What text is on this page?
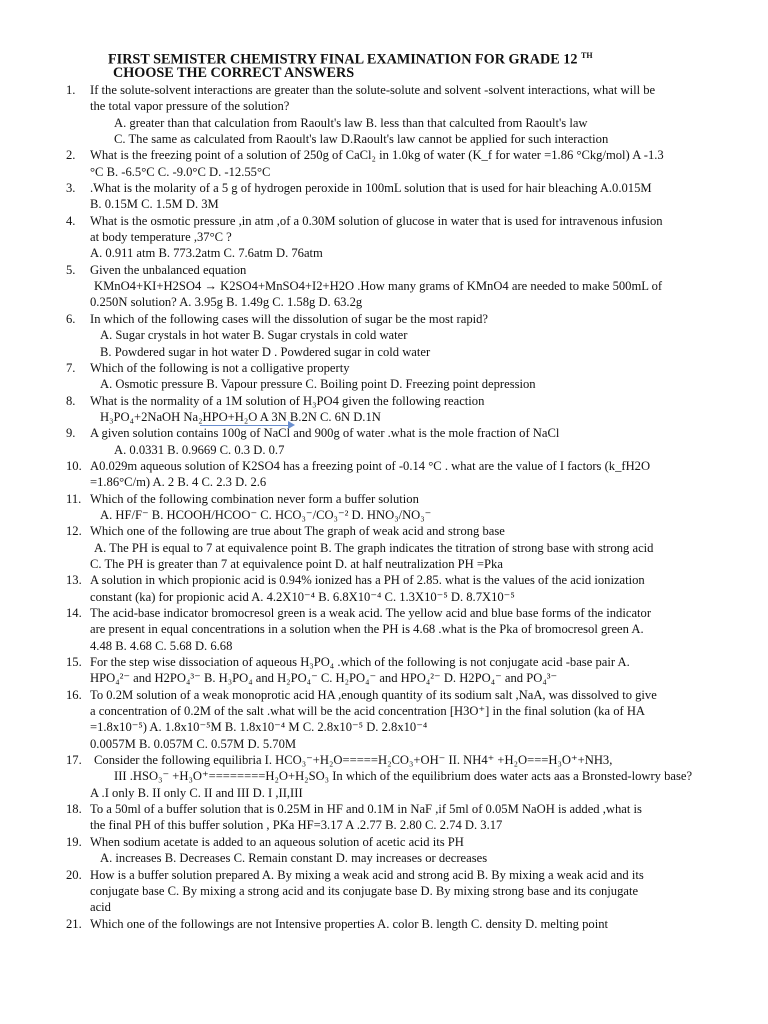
FIRST SEMISTER CHEMISTRY FINAL EXAMINATION FOR GRADE 12 $^{TH}$
CHOOSE THE CORRECT ANSWERS
1. If the solute-solvent interactions are greater than the solute-solute and solvent -solvent interactions, what will be
the total vapor pressure of the solution?
A. greater than that calculation from Raoult's law B. less than that calculted from Raoult's law
C. The same as calculated from Raoult's law D.Raoult's law cannot be applied for such interaction
2. What is the freezing point of a solution of 250g of CaCl₂ in 1.0kg of water (K_f for water =1.86 °Ckg/mol) A -1.3
°C B. -6.5°C C. -9.0°C D. -12.55°C
3. .What is the molarity of a 5 g of hydrogen peroxide in 100mL solution that is used for hair bleaching A.0.015M
B. 0.15M C. 1.5M D. 3M
4. What is the osmotic pressure ,in atm ,of a 0.30M solution of glucose in water that is used for intravenous infusion
at body temperature ,37°C ?
A. 0.911 atm B. 773.2atm C. 7.6atm D. 76atm
5. Given the unbalanced equation
KMnO4+KI+H2SO4 → K2SO4+MnSO4+I2+H2O .How many grams of KMnO4 are needed to make 500mL of
0.250N solution? A. 3.95g B. 1.49g C. 1.58g D. 63.2g
6. In which of the following cases will the dissolution of sugar be the most rapid?
A. Sugar crystals in hot water B. Sugar crystals in cold water
B. Powdered sugar in hot water D . Powdered sugar in cold water
7. Which of the following is not a colligative property
A. Osmotic pressure B. Vapour pressure C. Boiling point D. Freezing point depression
8. What is the normality of a 1M solution of H₃PO4 given the following reaction
H₃PO₄+2NaOH Na₂HPO+H₂O A 3N B.2N C. 6N D.1N
9. A given solution contains 100g of NaCl and 900g of water .what is the mole fraction of NaCl
A. 0.0331 B. 0.9669 C. 0.3 D. 0.7
10. A0.029m aqueous solution of K2SO4 has a freezing point of -0.14 °C . what are the value of I factors (k_fH2O
=1.86°C/m) A. 2 B. 4 C. 2.3 D. 2.6
11. Which of the following combination never form a buffer solution
A. HF/F⁻ B. HCOOH/HCOO⁻ C. HCO₃⁻/CO₃⁻² D. HNO₃/NO₃⁻
12. Which one of the following are true about The graph of weak acid and strong base
A. The PH is equal to 7 at equivalence point B. The graph indicates the titration of strong base with strong acid
C. The PH is greater than 7 at equivalence point D. at half neutralization PH =Pka
13. A solution in which propionic acid is 0.94% ionized has a PH of 2.85. what is the values of the acid ionization
constant (ka) for propionic acid A. 4.2X10⁻⁴ B. 6.8X10⁻⁴ C. 1.3X10⁻⁵ D. 8.7X10⁻⁵
14. The acid-base indicator bromocresol green is a weak acid. The yellow acid and blue base forms of the indicator
are present in equal concentrations in a solution when the PH is 4.68 .what is the Pka of bromocresol green A.
4.48 B. 4.68 C. 5.68 D. 6.68
15. For the step wise dissociation of aqueous H₃PO₄ .which of the following is not conjugate acid -base pair A.
HPO₄²⁻ and H2PO₄³⁻ B. H₃PO₄ and H₂PO₄⁻ C. H₂PO₄⁻ and HPO₄²⁻ D. H2PO₄⁻ and PO₄³⁻
16. To 0.2M solution of a weak monoprotic acid HA ,enough quantity of its sodium salt ,NaA, was dissolved to give
a concentration of 0.2M of the salt .what will be the acid concentration [H3O⁺] in the final solution (ka of HA
=1.8x10⁻⁵) A. 1.8x10⁻⁵M B. 1.8x10⁻⁴ M C. 2.8x10⁻⁵ D. 2.8x10⁻⁴
0.0057M B. 0.057M C. 0.57M D. 5.70M
17. Consider the following equilibria I. HCO₃⁻+H₂O=====H₂CO₃+OH⁻ II. NH4⁺ +H₂O===H₃O⁺+NH3,
III .HSO₃⁻ +H₃O⁺========H₂O+H₂SO₃ In which of the equilibrium does water acts aas a Bronsted-lowry base?
A .I only B. II only C. II and III D. I ,II,III
18. To a 50ml of a buffer solution that is 0.25M in HF and 0.1M in NaF ,if 5ml of 0.05M NaOH is added ,what is
the final PH of this buffer solution , PKa HF=3.17 A .2.77 B. 2.80 C. 2.74 D. 3.17
19. When sodium acetate is added to an aqueous solution of acetic acid its PH
A. increases B. Decreases C. Remain constant D. may increases or decreases
20. How is a buffer solution prepared A. By mixing a weak acid and strong acid B. By mixing a weak acid and its
conjugate base C. By mixing a strong acid and its conjugate base D. By mixing strong base and its conjugate
acid
21. Which one of the followings are not Intensive properties A. color B. length C. density D. melting point
